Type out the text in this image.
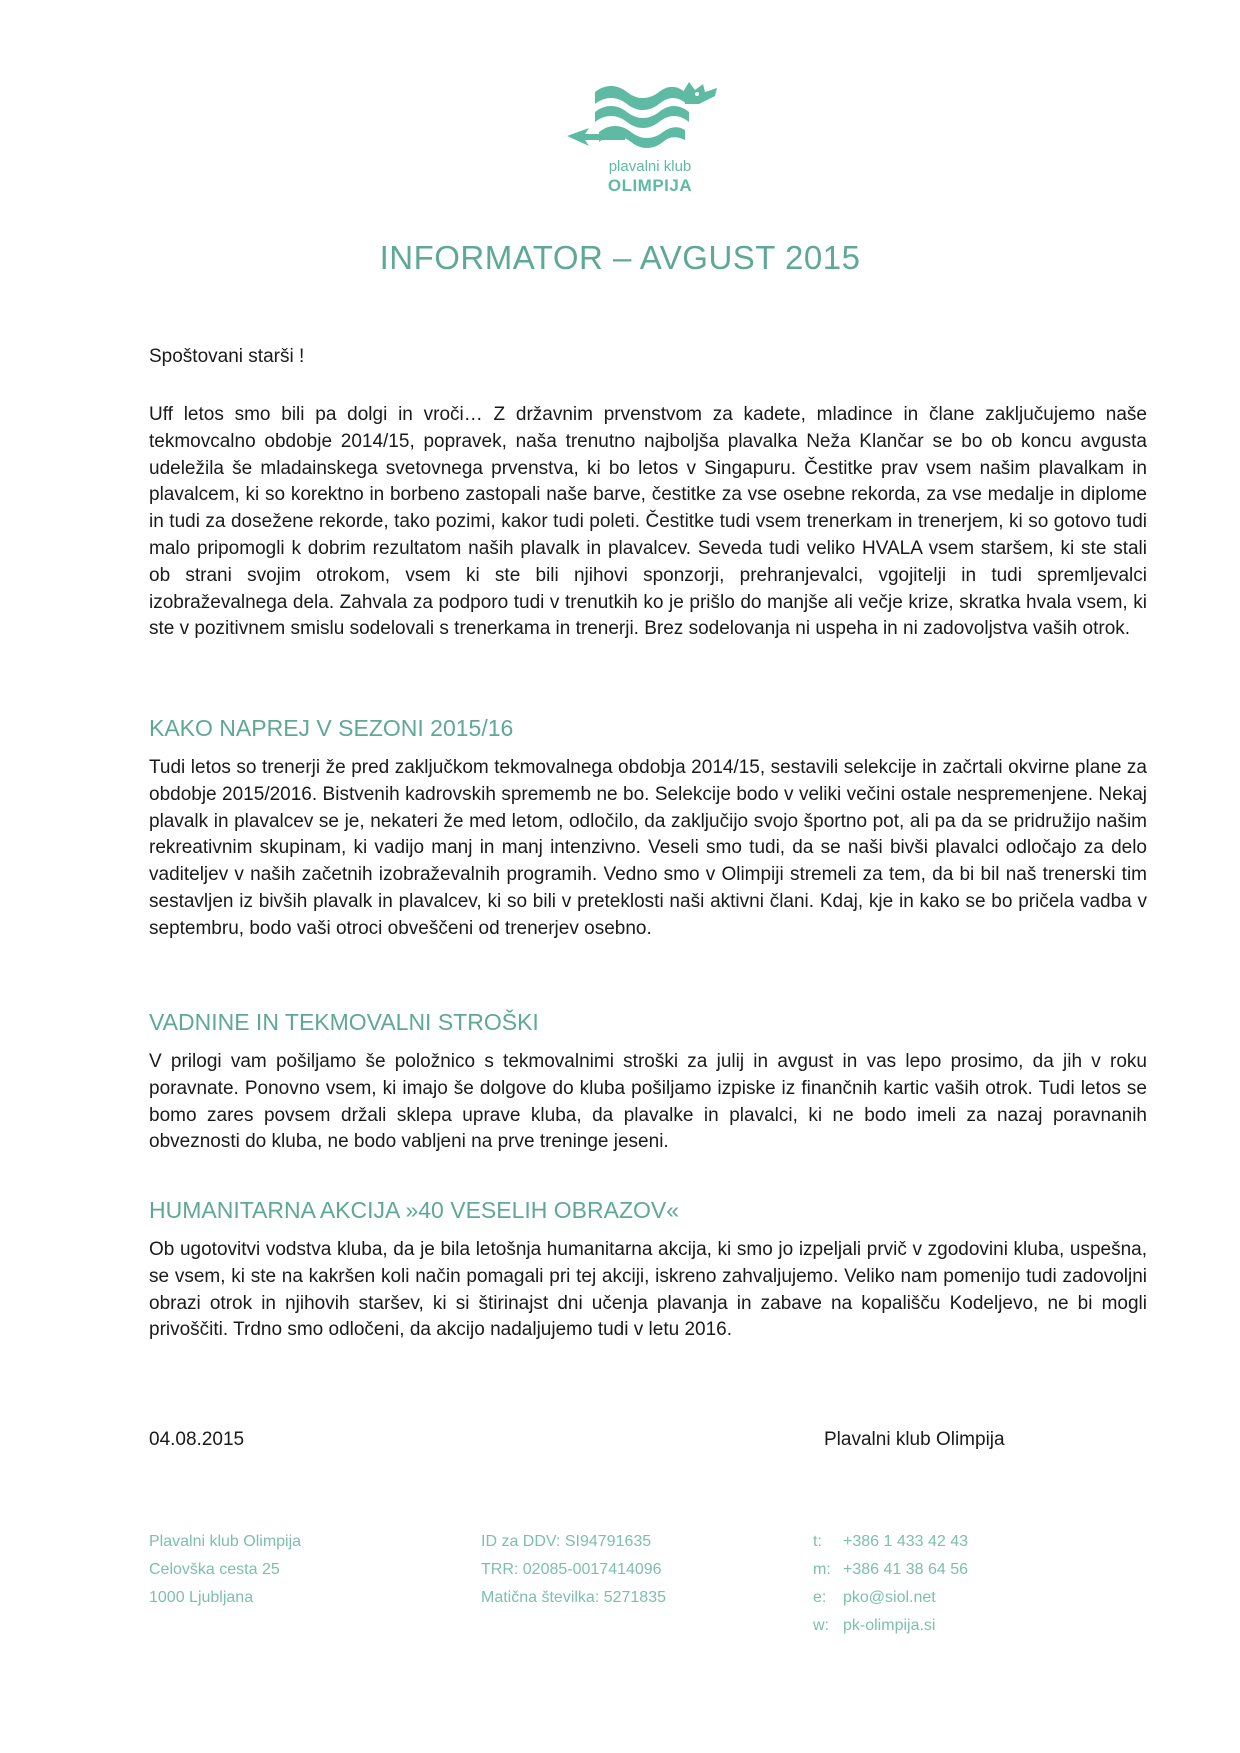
plavalni klub
OLIMPIJA
INFORMATOR – AVGUST 2015
Spoštovani starši !

Uff letos smo bili pa dolgi in vroči… Z državnim prvenstvom za kadete, mladince in člane zaključujemo naše tekmovcalno obdobje 2014/15, popravek, naša trenutno najboljša plavalka Neža Klančar se bo ob koncu avgusta udeležila še mladainskega svetovnega prvenstva, ki bo letos v Singapuru. Čestitke prav vsem našim plavalkam in plavalcem, ki so korektno in borbeno zastopali naše barve, čestitke za vse osebne rekorda, za vse medalje in diplome in tudi za dosežene rekorde, tako pozimi, kakor tudi poleti. Čestitke tudi vsem trenerkam in trenerjem, ki so gotovo tudi malo pripomogli k dobrim rezultatom naših plavalk in plavalcev. Seveda tudi veliko HVALA vsem staršem, ki ste stali ob strani svojim otrokom, vsem ki ste bili njihovi sponzorji, prehranjevalci, vgojitelji in tudi spremljevalci izobraževalnega dela. Zahvala za podporo tudi v trenutkih ko je prišlo do manjše ali večje krize, skratka hvala vsem, ki ste v pozitivnem smislu sodelovali s trenerkama in trenerji. Brez sodelovanja ni uspeha in ni zadovoljstva vaših otrok.

KAKO NAPREJ V SEZONI 2015/16

Tudi letos so trenerji že pred zaključkom tekmovalnega obdobja 2014/15, sestavili selekcije in začrtali okvirne plane za obdobje 2015/2016. Bistvenih kadrovskih sprememb ne bo. Selekcije bodo v veliki večini ostale nespremenjene. Nekaj plavalk in plavalcev se je, nekateri že med letom, odločilo, da zaključijo svojo športno pot, ali pa da se pridružijo našim rekreativnim skupinam, ki vadijo manj in manj intenzivno. Veseli smo tudi, da se naši bivši plavalci odločajo za delo vaditeljev v naših začetnih izobraževalnih programih. Vedno smo v Olimpiji stremeli za tem, da bi bil naš trenerski tim sestavljen iz bivših plavalk in plavalcev, ki so bili v preteklosti naši aktivni člani. Kdaj, kje in kako se bo pričela vadba v septembru, bodo vaši otroci obveščeni od trenerjev osebno.

VADNINE IN TEKMOVALNI STROŠKI

V prilogi vam pošiljamo še položnico s tekmovalnimi stroški za julij in avgust in vas lepo prosimo, da jih v roku poravnate. Ponovno vsem, ki imajo še dolgove do kluba pošiljamo izpiske iz finančnih kartic vaših otrok. Tudi letos se bomo zares povsem držali sklepa uprave kluba, da plavalke in plavalci, ki ne bodo imeli za nazaj poravnanih obveznosti do kluba, ne bodo vabljeni na prve treninge jeseni.

HUMANITARNA AKCIJA »40 VESELIH OBRAZOV«

Ob ugotovitvi vodstva kluba, da je bila letošnja humanitarna akcija, ki smo jo izpeljali prvič v zgodovini kluba, uspešna, se vsem, ki ste na kakršen koli način pomagali pri tej akciji, iskreno zahvaljujemo. Veliko nam pomenijo tudi zadovoljni obrazi otrok in njihovih staršev, ki si štirinajst dni učenja plavanja in zabave na kopališču Kodeljevo, ne bi mogli privoščiti. Trdno smo odločeni, da akcijo nadaljujemo tudi v letu 2016.

04.08.2015	Plavalni klub Olimpija
Plavalni klub Olimpija
Celovška cesta 25
1000 Ljubljana
ID za DDV: SI94791635
TRR: 02085-0017414096
Matična številka: 5271835
t: +386 1 433 42 43
m: +386 41 38 64 56
e: pko@siol.net
w: pk-olimpija.si
